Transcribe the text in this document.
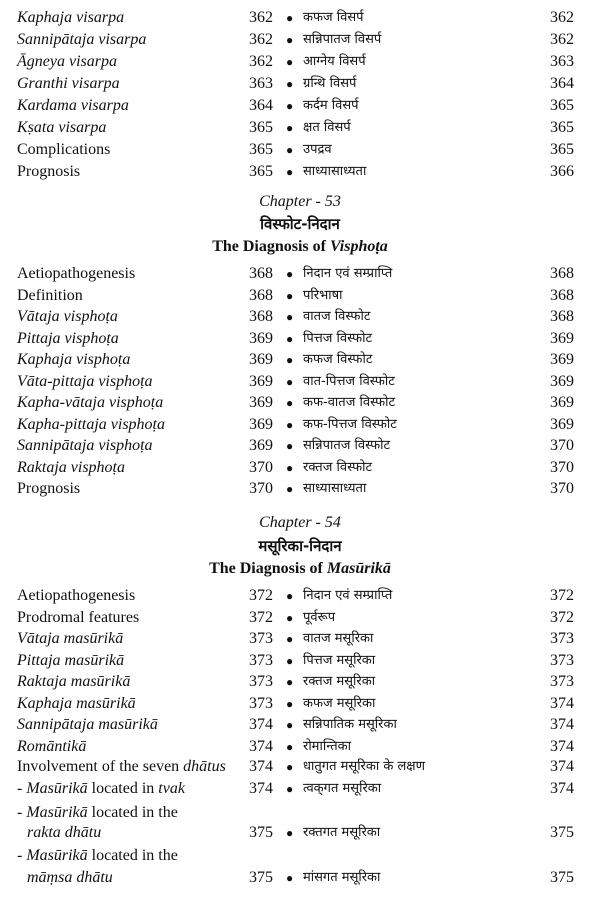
Kaphaja visarpa	362	● कफज विसर्प	362
Sannipātaja visarpa	362	● सन्निपातज विसर्प	362
Āgneya visarpa	362	● आग्नेय विसर्प	363
Granthi visarpa	363	● ग्रन्थि विसर्प	364
Kardama visarpa	364	● कर्दम विसर्प	365
Kṣata visarpa	365	● क्षत विसर्प	365
Complications	365	● उपद्रव	365
Prognosis	365	● साध्यासाध्यता	366
Chapter - 53
विस्फोट-निदान
The Diagnosis of Visphoṭa
Aetiopathogenesis	368	● निदान एवं सम्प्राप्ति	368
Definition	368	● परिभाषा	368
Vātaja visphoṭa	368	● वातज विस्फोट	368
Pittaja visphoṭa	369	● पित्तज विस्फोट	369
Kaphaja visphoṭa	369	● कफज विस्फोट	369
Vāta-pittaja visphoṭa	369	● वात-पित्तज विस्फोट	369
Kapha-vātaja visphoṭa	369	● कफ-वातज विस्फोट	369
Kapha-pittaja visphoṭa	369	● कफ-पित्तज विस्फोट	369
Sannipātaja visphoṭa	369	● सन्निपातज विस्फोट	370
Raktaja visphoṭa	370	● रक्तज विस्फोट	370
Prognosis	370	● साध्यासाध्यता	370
Chapter - 54
मसूरिका-निदान
The Diagnosis of Masūrikā
Aetiopathogenesis	372	● निदान एवं सम्प्राप्ति	372
Prodromal features	372	● पूर्वरूप	372
Vātaja masūrikā	373	● वातज मसूरिका	373
Pittaja masūrikā	373	● पित्तज मसूरिका	373
Raktaja masūrikā	373	● रक्तज मसूरिका	373
Kaphaja masūrikā	373	● कफज मसूरिका	374
Sannipātaja masūrikā	374	● सन्निपातिक मसूरिका	374
Romāntikā	374	● रोमान्तिका	374
Involvement of the seven dhātus 374	● धातुगत मसूरिका के लक्षण	374
- Masūrikā located in tvak	374	● त्वक्‌गत मसूरिका	374
- Masūrikā located in the
rakta dhātu	375	● रक्तगत मसूरिका	375
- Masūrikā located in the
māṃsa dhātu	375	● मांसगत मसूरिका	375
